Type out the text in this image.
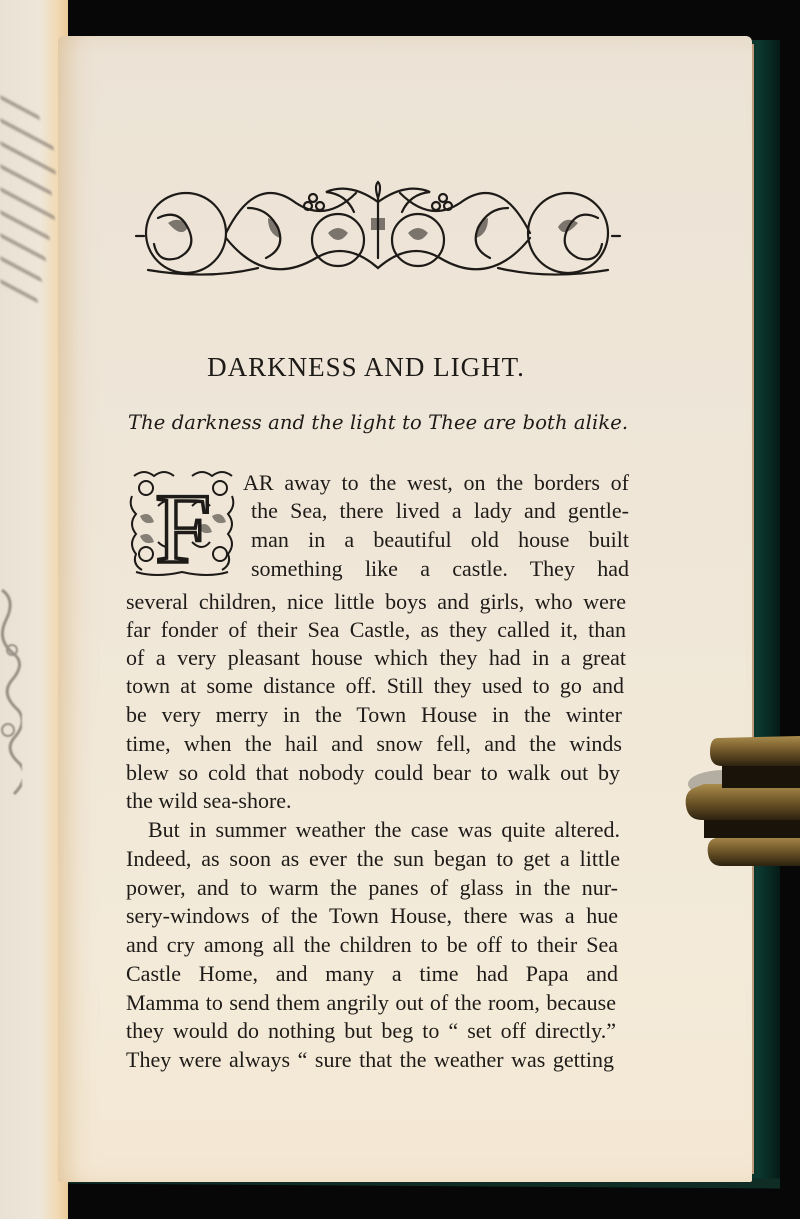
DARKNESS AND LIGHT.
The darkness and the light to Thee are both alike.
F AR away to the west, on the borders of
the Sea, there lived a lady and gentle-
man in a beautiful old house built
something like a castle. They had
several children, nice little boys and girls, who were
far fonder of their Sea Castle, as they called it, than
of a very pleasant house which they had in a great
town at some distance off. Still they used to go and
be very merry in the Town House in the winter
time, when the hail and snow fell, and the winds
blew so cold that nobody could bear to walk out by
the wild sea-shore.
But in summer weather the case was quite altered.
Indeed, as soon as ever the sun began to get a little
power, and to warm the panes of glass in the nur-
sery-windows of the Town House, there was a hue
and cry among all the children to be off to their Sea
Castle Home, and many a time had Papa and
Mamma to send them angrily out of the room, because
they would do nothing but beg to “ set off directly.”
They were always “ sure that the weather was getting
